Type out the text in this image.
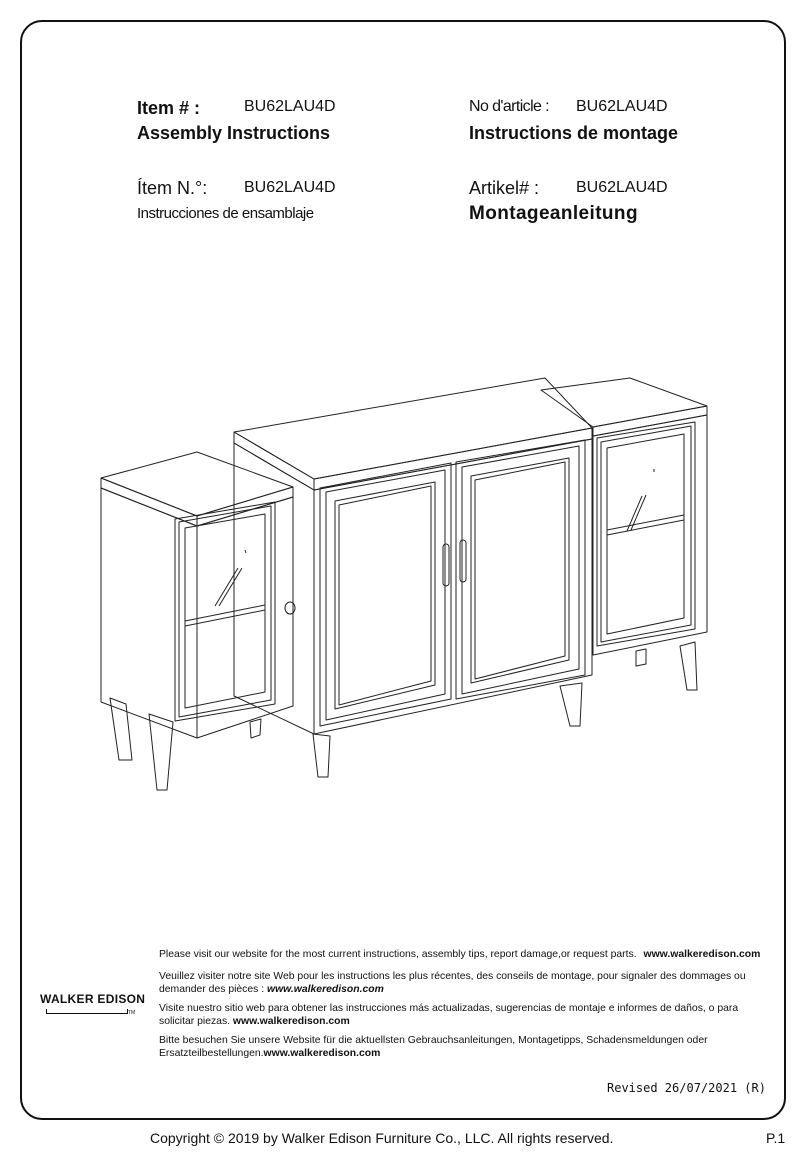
Item # :	BU62LAU4D
Assembly Instructions
No d'article : BU62LAU4D
Instructions de montage
Ítem N.°: BU62LAU4D
Instrucciones de ensamblaje
Artikel# : BU62LAU4D
Montageanleitung
WALKER EDISON
TM

Please visit our website for the most current instructions, assembly tips, report damage,or request parts. www.walkeredison.com

Veuillez visiter notre site Web pour les instructions les plus récentes, des conseils de montage, pour signaler des dommages ou demander des pièces : www.walkeredison.com

Visite nuestro sitio web para obtener las instrucciones más actualizadas, sugerencias de montaje e informes de daños, o para solicitar piezas. www.walkeredison.com

Bitte besuchen Sie unsere Website für die aktuellsten Gebrauchsanleitungen, Montagetipps, Schadensmeldungen oder Ersatzteilbestellungen.www.walkeredison.com

Revised 26/07/2021 (R)
Copyright © 2019 by Walker Edison Furniture Co., LLC. All rights reserved.	P.1
